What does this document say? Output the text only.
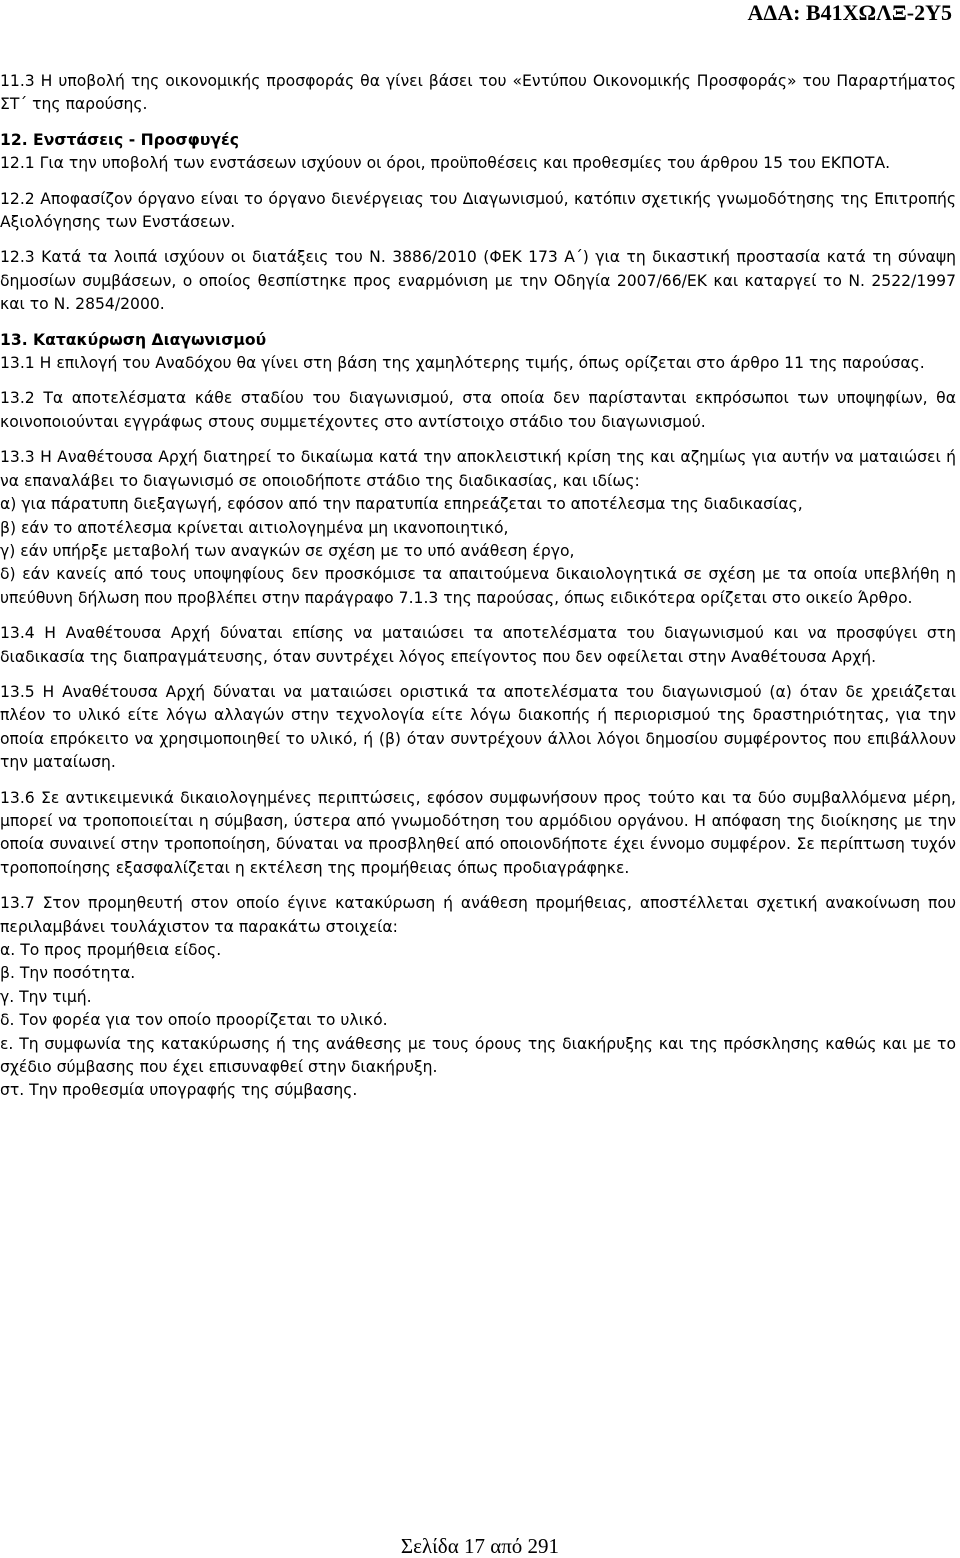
ΑΔΑ: Β41ΧΩΛΞ-2Υ5

11.3 Η υποβολή της οικονομικής προσφοράς θα γίνει βάσει του «Εντύπου Οικονομικής Προσφοράς» του Παραρτήματος ΣΤ΄ της παρούσης.

12. Ενστάσεις - Προσφυγές

12.1 Για την υποβολή των ενστάσεων ισχύουν οι όροι, προϋποθέσεις και προθεσμίες του άρθρου 15 του ΕΚΠΟΤΑ.

12.2 Αποφασίζον όργανο είναι το όργανο διενέργειας του Διαγωνισμού, κατόπιν σχετικής γνωμοδότησης της Επιτροπής Αξιολόγησης των Ενστάσεων.

12.3 Κατά τα λοιπά ισχύουν οι διατάξεις του Ν. 3886/2010 (ΦΕΚ 173 Α΄) για τη δικαστική προστασία κατά τη σύναψη δημοσίων συμβάσεων, ο οποίος θεσπίστηκε προς εναρμόνιση με την Οδηγία 2007/66/ΕΚ και καταργεί το Ν. 2522/1997 και το Ν. 2854/2000.

13. Κατακύρωση Διαγωνισμού

13.1 Η επιλογή του Αναδόχου θα γίνει στη βάση της χαμηλότερης τιμής, όπως ορίζεται στο άρθρο 11 της παρούσας.

13.2 Τα αποτελέσματα κάθε σταδίου του διαγωνισμού, στα οποία δεν παρίστανται εκπρόσωποι των υποψηφίων, θα κοινοποιούνται εγγράφως στους συμμετέχοντες στο αντίστοιχο στάδιο του διαγωνισμού.

13.3 Η Αναθέτουσα Αρχή διατηρεί το δικαίωμα κατά την αποκλειστική κρίση της και αζημίως για αυτήν να ματαιώσει ή να επαναλάβει το διαγωνισμό σε οποιοδήποτε στάδιο της διαδικασίας, και ιδίως:

α) για πάρατυπη διεξαγωγή, εφόσον από την παρατυπία επηρεάζεται το αποτέλεσμα της διαδικασίας,

β) εάν το αποτέλεσμα κρίνεται αιτιολογημένα μη ικανοποιητικό,

γ) εάν υπήρξε μεταβολή των αναγκών σε σχέση με το υπό ανάθεση έργο,

δ) εάν κανείς από τους υποψηφίους δεν προσκόμισε τα απαιτούμενα δικαιολογητικά σε σχέση με τα οποία υπεβλήθη η υπεύθυνη δήλωση που προβλέπει στην παράγραφο 7.1.3 της παρούσας, όπως ειδικότερα ορίζεται στο οικείο Άρθρο.

13.4 Η Αναθέτουσα Αρχή δύναται επίσης να ματαιώσει τα αποτελέσματα του διαγωνισμού και να προσφύγει στη διαδικασία της διαπραγμάτευσης, όταν συντρέχει λόγος επείγοντος που δεν οφείλεται στην Αναθέτουσα Αρχή.

13.5 Η Αναθέτουσα Αρχή δύναται να ματαιώσει οριστικά τα αποτελέσματα του διαγωνισμού (α) όταν δε χρειάζεται πλέον το υλικό είτε λόγω αλλαγών στην τεχνολογία είτε λόγω διακοπής ή περιορισμού της δραστηριότητας, για την οποία επρόκειτο να χρησιμοποιηθεί το υλικό, ή (β) όταν συντρέχουν άλλοι λόγοι δημοσίου συμφέροντος που επιβάλλουν την ματαίωση.

13.6 Σε αντικειμενικά δικαιολογημένες περιπτώσεις, εφόσον συμφωνήσουν προς τούτο και τα δύο συμβαλλόμενα μέρη, μπορεί να τροποποιείται η σύμβαση, ύστερα από γνωμοδότηση του αρμόδιου οργάνου. Η απόφαση της διοίκησης με την οποία συναινεί στην τροποποίηση, δύναται να προσβληθεί από οποιονδήποτε έχει έννομο συμφέρον. Σε περίπτωση τυχόν τροποποίησης εξασφαλίζεται η εκτέλεση της προμήθειας όπως προδιαγράφηκε.

13.7 Στον προμηθευτή στον οποίο έγινε κατακύρωση ή ανάθεση προμήθειας, αποστέλλεται σχετική ανακοίνωση που περιλαμβάνει τουλάχιστον τα παρακάτω στοιχεία:

α. Το προς προμήθεια είδος.

β. Την ποσότητα.

γ. Την τιμή.

δ. Τον φορέα για τον οποίο προορίζεται το υλικό.

ε. Τη συμφωνία της κατακύρωσης ή της ανάθεσης με τους όρους της διακήρυξης και της πρόσκλησης καθώς και με το σχέδιο σύμβασης που έχει επισυναφθεί στην διακήρυξη.

στ. Την προθεσμία υπογραφής της σύμβασης.

Σελίδα 17 από 291
